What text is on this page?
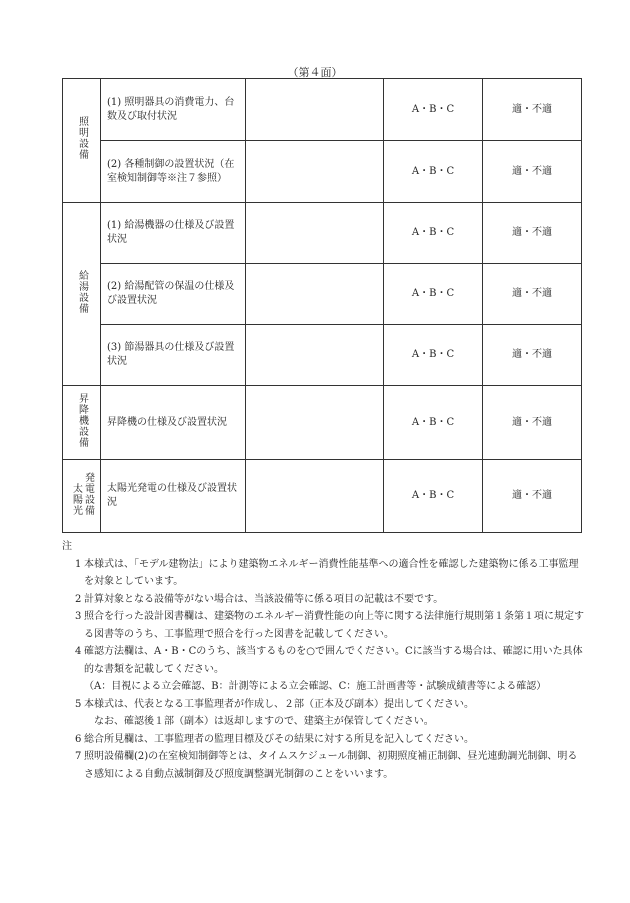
（第４面）
照明設備	(1) 照明器具の消費電力、台数及び取付状況		A・B・C	適・不適
	(2) 各種制御の設置状況（在室検知制御等※注７参照）		A・B・C	適・不適
給湯設備	(1) 給湯機器の仕様及び設置状況		A・B・C	適・不適
	(2) 給湯配管の保温の仕様及び設置状況		A・B・C	適・不適
	(3) 節湯器具の仕様及び設置状況		A・B・C	適・不適
昇降機設備	昇降機の仕様及び設置状況		A・B・C	適・不適
太陽光発電設備	太陽光発電の仕様及び設置状況		A・B・C	適・不適

注

1 本様式は、「モデル建物法」により建築物エネルギー消費性能基準への適合性を確認した建築物に係る工事監理を対象としています。

2 計算対象となる設備等がない場合は、当該設備等に係る項目の記載は不要です。

3 照合を行った設計図書欄は、建築物のエネルギー消費性能の向上等に関する法律施行規則第１条第１項に規定する図書等のうち、工事監理で照合を行った図書を記載してください。

4 確認方法欄は、A・B・Cのうち、該当するものを○で囲んでください。Cに該当する場合は、確認に用いた具体的な書類を記載してください。
（A：目視による立会確認、B：計測等による立会確認、C：施工計画書等・試験成績書等による確認）

5 本様式は、代表となる工事監理者が作成し、２部（正本及び副本）提出してください。
なお、確認後１部（副本）は返却しますので、建築主が保管してください。

6 総合所見欄は、工事監理者の監理目標及びその結果に対する所見を記入してください。

7 照明設備欄(2)の在室検知制御等とは、タイムスケジュール制御、初期照度補正制御、昼光連動調光制御、明るさ感知による自動点滅制御及び照度調整調光制御のことをいいます。
